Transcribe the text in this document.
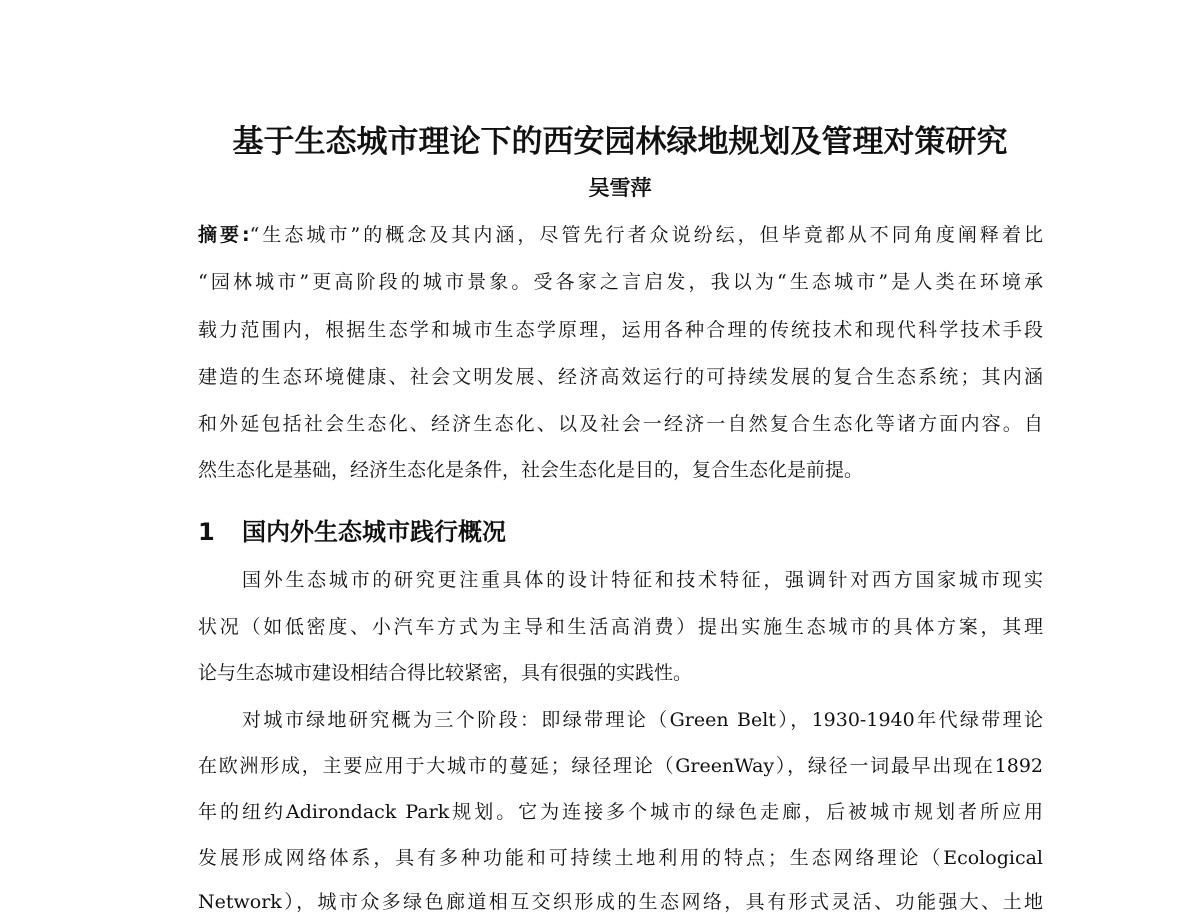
基于生态城市理论下的西安园林绿地规划及管理对策研究
吴雪萍
摘要:“生态城市”的概念及其内涵，尽管先行者众说纷纭，但毕竟都从不同角度阐释着比
“园林城市”更高阶段的城市景象。受各家之言启发，我以为“生态城市”是人类在环境承
载力范围内，根据生态学和城市生态学原理，运用各种合理的传统技术和现代科学技术手段
建造的生态环境健康、社会文明发展、经济高效运行的可持续发展的复合生态系统；其内涵
和外延包括社会生态化、经济生态化、以及社会一经济一自然复合生态化等诸方面内容。自
然生态化是基础，经济生态化是条件，社会生态化是目的，复合生态化是前提。
1 国内外生态城市践行概况
国外生态城市的研究更注重具体的设计特征和技术特征，强调针对西方国家城市现实
状况（如低密度、小汽车方式为主导和生活高消费）提出实施生态城市的具体方案，其理
论与生态城市建设相结合得比较紧密，具有很强的实践性。
对城市绿地研究概为三个阶段：即绿带理论（Green Belt），1930-1940年代绿带理论
在欧洲形成，主要应用于大城市的蔓延；绿径理论（GreenWay），绿径一词最早出现在1892
年的纽约Adirondack Park规划。它为连接多个城市的绿色走廊，后被城市规划者所应用
发展形成网络体系，具有多种功能和可持续土地利用的特点；生态网络理论（Ecological
Network），城市众多绿色廊道相互交织形成的生态网络，具有形式灵活、功能强大、土地
